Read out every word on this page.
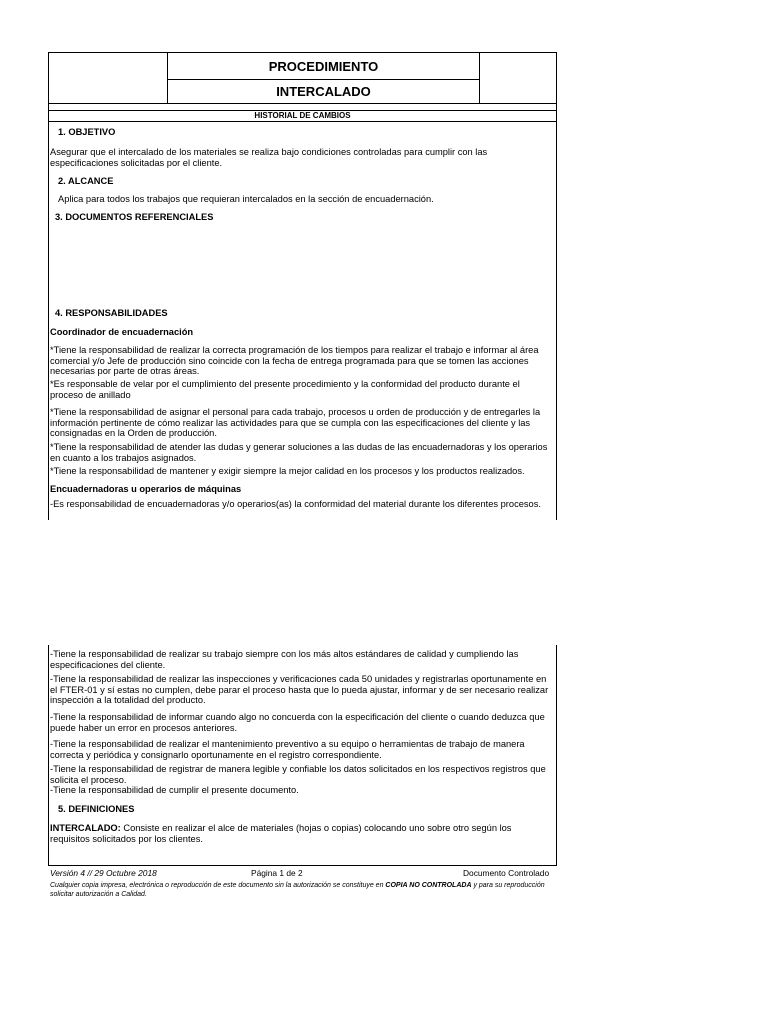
PROCEDIMIENTO
INTERCALADO
HISTORIAL DE CAMBIOS
1. OBJETIVO
Asegurar que el intercalado de los materiales se realiza bajo condiciones controladas para cumplir con las especificaciones solicitadas por el cliente.
2. ALCANCE
Aplica para todos los trabajos que requieran intercalados en la sección de encuadernación.
3. DOCUMENTOS REFERENCIALES
4. RESPONSABILIDADES
Coordinador de encuadernación
*Tiene la responsabilidad de realizar la correcta programación de los tiempos para realizar el trabajo e informar al área comercial y/o Jefe de producción sino coincide con la fecha de entrega programada para que se tomen las acciones necesarias por parte de otras áreas.
*Es responsable de velar por el cumplimiento del presente procedimiento y la conformidad del producto durante el proceso de anillado
*Tiene la responsabilidad de asignar el personal para cada trabajo, procesos u orden de producción y de entregarles la información pertinente de cómo realizar las actividades para que se cumpla con las especificaciones del cliente y las consignadas en la Orden de producción.
*Tiene la responsabilidad de atender las dudas y generar soluciones a las dudas de las encuadernadoras y los operarios en cuanto a los trabajos asignados.
*Tiene la responsabilidad de mantener y exigir siempre la mejor calidad en los procesos y los productos realizados.
Encuadernadoras u operarios de máquinas
-Es responsabilidad de encuadernadoras y/o operarios(as) la conformidad del material durante los diferentes procesos.
-Tiene la responsabilidad de realizar su trabajo siempre con los más altos estándares de calidad y cumpliendo las especificaciones del cliente.
-Tiene la responsabilidad de realizar las inspecciones y verificaciones cada 50 unidades y registrarlas oportunamente en el FTER-01 y sí estas no cumplen, debe parar el proceso hasta que lo pueda ajustar, informar y de ser necesario realizar inspección a la totalidad del producto.
-Tiene la responsabilidad de informar cuando algo no concuerda con la especificación del cliente o cuando deduzca que puede haber un error en procesos anteriores.
-Tiene la responsabilidad de realizar el mantenimiento preventivo a su equipo o herramientas de trabajo de manera correcta y periódica y consignarlo oportunamente en el registro correspondiente.
-Tiene la responsabilidad de registrar de manera legible y confiable los datos solicitados en los respectivos registros que solicita el proceso.
-Tiene la responsabilidad de cumplir el presente documento.
5. DEFINICIONES
INTERCALADO: Consiste en realizar el alce de materiales (hojas o copias) colocando uno sobre otro según los requisitos solicitados por los clientes.
Versión 4 // 29 Octubre 2018	Página 1 de 2	Documento Controlado
Cualquier copia impresa, electrónica o reproducción de este documento sin la autorización se constituye en COPIA NO CONTROLADA y para su reproducción solicitar autorización a Calidad.
